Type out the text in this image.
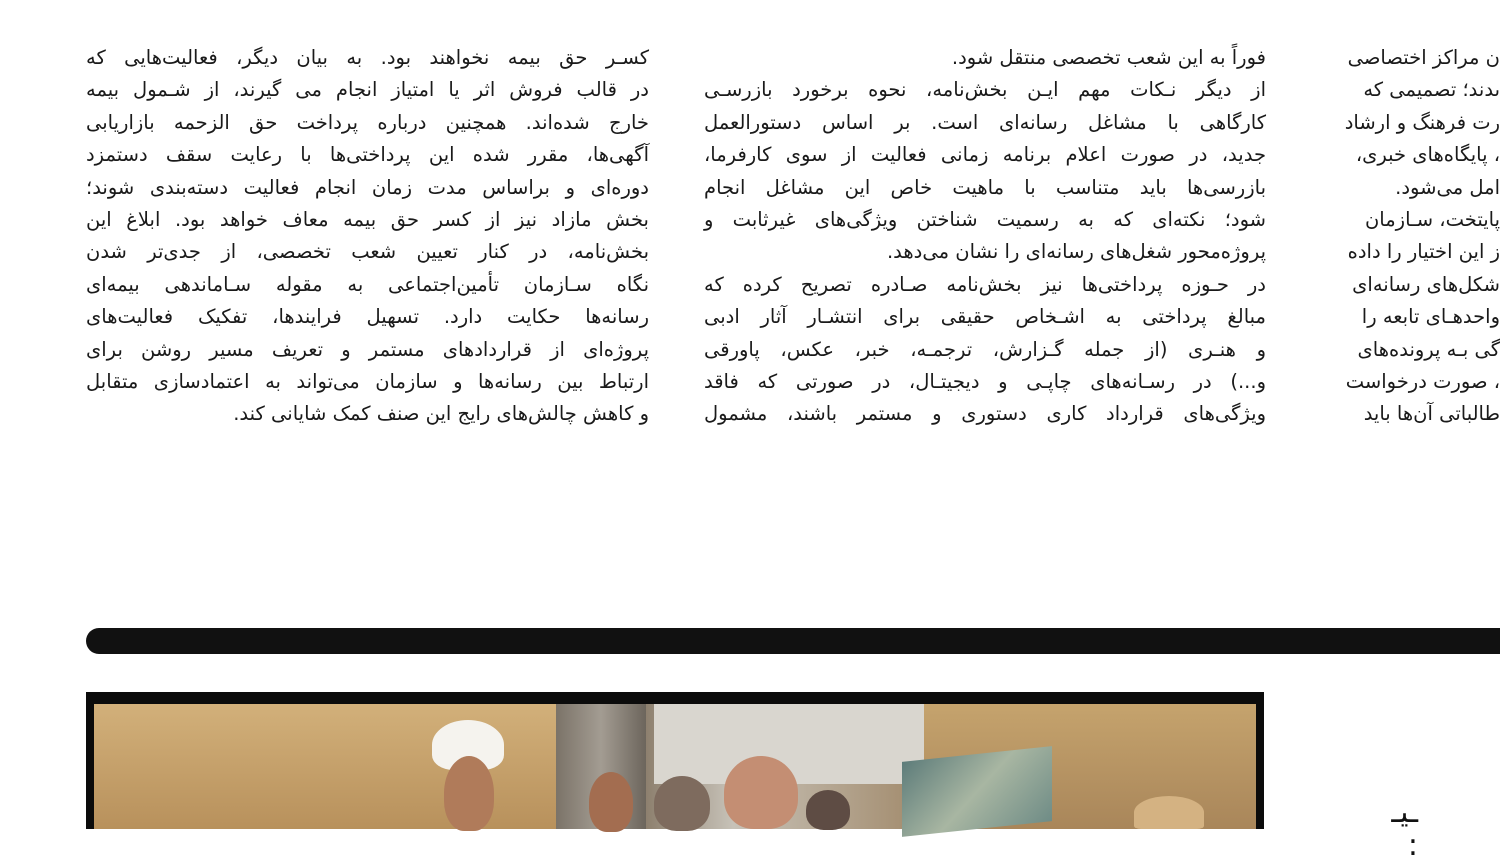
کسـر حق بیمه نخواهند بود. به بیان دیگر، فعالیت‌هایی که
در قالب فروش اثر یا امتیاز انجام می گیرند، از شـمول بیمه
خارج شده‌اند. همچنین درباره پرداخت حق الزحمه بازاریابی
آگهی‌ها، مقرر شده این پرداختی‌ها با رعایت سقف دستمزد
دوره‌ای و براساس مدت زمان انجام فعالیت دسته‌بندی شوند؛
بخش مازاد نیز از کسر حق بیمه معاف خواهد بود. ابلاغ این
بخش‌نامه، در کنار تعیین شعب تخصصی، از جدی‌تر شدن
نگاه سـازمان تأمین‌اجتماعی به مقوله سـاماندهی بیمه‌ای
رسانه‌ها حکایت دارد. تسهیل فرایندها، تفکیک فعالیت‌های
پروژه‌ای از قراردادهای مستمر و تعریف مسیر روشن برای
ارتباط بین رسانه‌ها و سازمان می‌تواند به اعتمادسازی متقابل
و کاهش چالش‌های رایج این صنف کمک شایانی کند.
فوراً به این شعب تخصصی منتقل شود.
از دیگر نـکات مهم ایـن بخش‌نامه، نحوه برخورد بازرسـی
کارگاهی با مشاغل رسانه‌ای است. بر اساس دستورالعمل
جدید، در صورت اعلام برنامه زمانی فعالیت از سوی کارفرما،
بازرسی‌ها باید متناسب با ماهیت خاص این مشاغل انجام
شود؛ نکته‌ای که به رسمیت شناختن ویژگی‌های غیرثابت و
پروژه‌محور شغل‌های رسانه‌ای را نشان می‌دهد.
در حـوزه پرداختی‌ها نیز بخش‌نامه صـادره تصریح کرده که
مبالغ پرداختی به اشـخاص حقیقی برای انتشـار آثار ادبی
و هنـری (از جمله گـزارش، ترجمـه، خبر، عکس، پاورقی
و...) در رسـانه‌های چاپـی و دیجیتـال، در صورتی که فاقد
ویژگی‌های قرارداد کاری دستوری و مستمر باشند، مشمول
ن مراکز اختصاصی
ىدند؛ تصمیمی که
رت فرهنگ و ارشاد
، پایگاه‌های خبری،
امل می‌شود.
پایتخت، سـازمان
ز این اختیار را داده
شکل‌های رسانه‌ای
واحدهـای تابعه را
گی بـه پرونده‌های
، صورت درخواست
طالباتی آن‌ها باید
ـیـ :
